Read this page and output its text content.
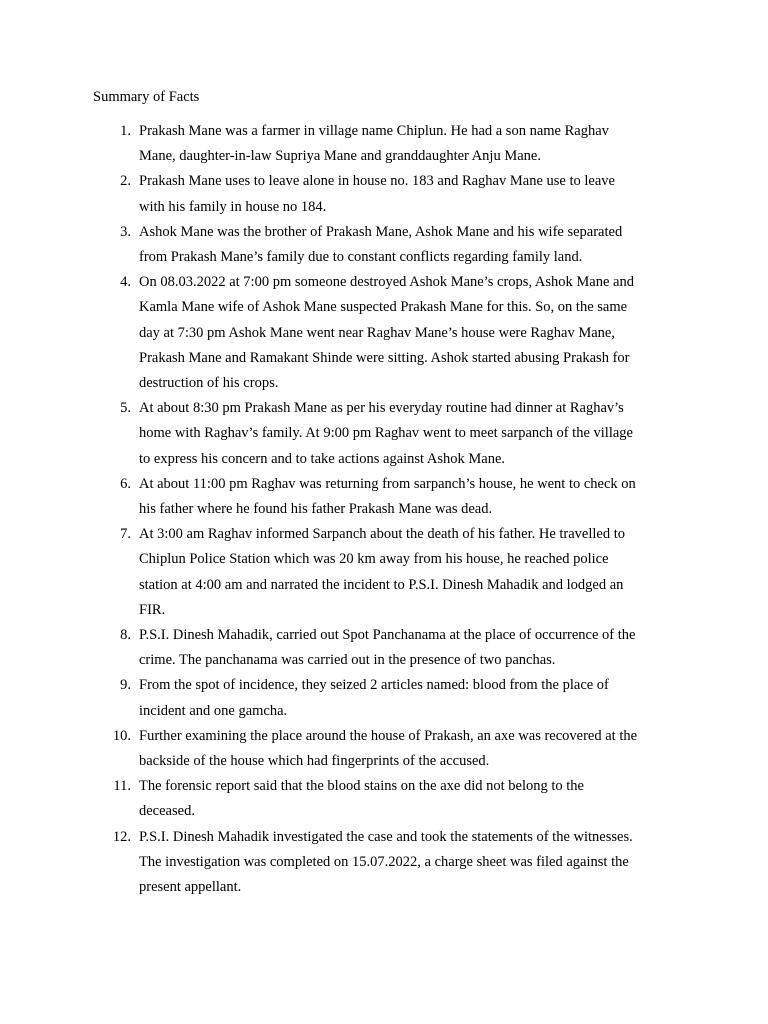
Summary of Facts
1. Prakash Mane was a farmer in village name Chiplun. He had a son name Raghav
Mane, daughter-in-law Supriya Mane and granddaughter Anju Mane.
2. Prakash Mane uses to leave alone in house no. 183 and Raghav Mane use to leave
with his family in house no 184.
3. Ashok Mane was the brother of Prakash Mane, Ashok Mane and his wife separated
from Prakash Mane’s family due to constant conflicts regarding family land.
4. On 08.03.2022 at 7:00 pm someone destroyed Ashok Mane’s crops, Ashok Mane and
Kamla Mane wife of Ashok Mane suspected Prakash Mane for this. So, on the same
day at 7:30 pm Ashok Mane went near Raghav Mane’s house were Raghav Mane,
Prakash Mane and Ramakant Shinde were sitting. Ashok started abusing Prakash for
destruction of his crops.
5. At about 8:30 pm Prakash Mane as per his everyday routine had dinner at Raghav’s
home with Raghav’s family. At 9:00 pm Raghav went to meet sarpanch of the village
to express his concern and to take actions against Ashok Mane.
6. At about 11:00 pm Raghav was returning from sarpanch’s house, he went to check on
his father where he found his father Prakash Mane was dead.
7. At 3:00 am Raghav informed Sarpanch about the death of his father. He travelled to
Chiplun Police Station which was 20 km away from his house, he reached police
station at 4:00 am and narrated the incident to P.S.I. Dinesh Mahadik and lodged an
FIR.
8. P.S.I. Dinesh Mahadik, carried out Spot Panchanama at the place of occurrence of the
crime. The panchanama was carried out in the presence of two panchas.
9. From the spot of incidence, they seized 2 articles named: blood from the place of
incident and one gamcha.
10. Further examining the place around the house of Prakash, an axe was recovered at the
backside of the house which had fingerprints of the accused.
11. The forensic report said that the blood stains on the axe did not belong to the
deceased.
12. P.S.I. Dinesh Mahadik investigated the case and took the statements of the witnesses.
The investigation was completed on 15.07.2022, a charge sheet was filed against the
present appellant.
